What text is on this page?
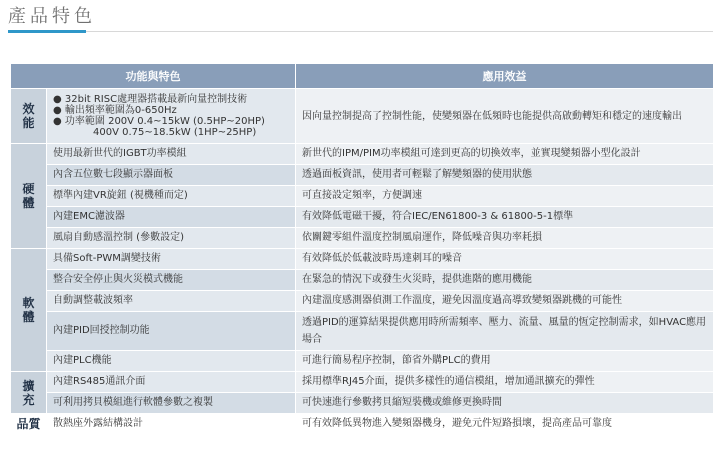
產品特色
功能與特色		應用效益
效能	● 32bit RISC處理器搭載最新向量控制技術
● 輸出頻率範圍為0-650Hz
● 功率範圍 200V 0.4~15kW (0.5HP~20HP)
400V 0.75~18.5kW (1HP~25HP)	因向量控制提高了控制性能，使變頻器在低頻時也能提供高啟動轉矩和穩定的速度輸出
硬體	使用最新世代的IGBT功率模組	新世代的IPM/PIM功率模組可達到更高的切換效率，並實現變頻器小型化設計
	內含五位數七段顯示器面板	透過面板資訊，使用者可輕鬆了解變頻器的使用狀態
	標準內建VR旋鈕 (視機種而定)	可直接設定頻率，方便調速
	內建EMC濾波器	有效降低電磁干擾，符合IEC/EN61800-3 & 61800-5-1標準
	風扇自動感溫控制 (參數設定)	依關鍵零組件溫度控制風扇運作，降低噪音與功率耗損
軟體	具備Soft-PWM調變技術	有效降低於低載波時馬達刺耳的噪音
	整合安全停止與火災模式機能	在緊急的情況下或發生火災時，提供進階的應用機能
	自動調整載波頻率	內建溫度感測器偵測工作溫度，避免因溫度過高導致變頻器跳機的可能性
	內建PID回授控制功能	透過PID的運算結果提供應用時所需頻率、壓力、流量、風量的恆定控制需求，如HVAC應用場合
	內建PLC機能	可進行簡易程序控制，節省外購PLC的費用
擴充	內建RS485通訊介面	採用標準RJ45介面，提供多樣性的通信模組，增加通訊擴充的彈性
	可利用拷貝模組進行軟體參數之複製	可快速進行參數拷貝縮短裝機或維修更換時間
品質	散熱座外露結構設計	可有效降低異物進入變頻器機身，避免元件短路損壞，提高產品可靠度
